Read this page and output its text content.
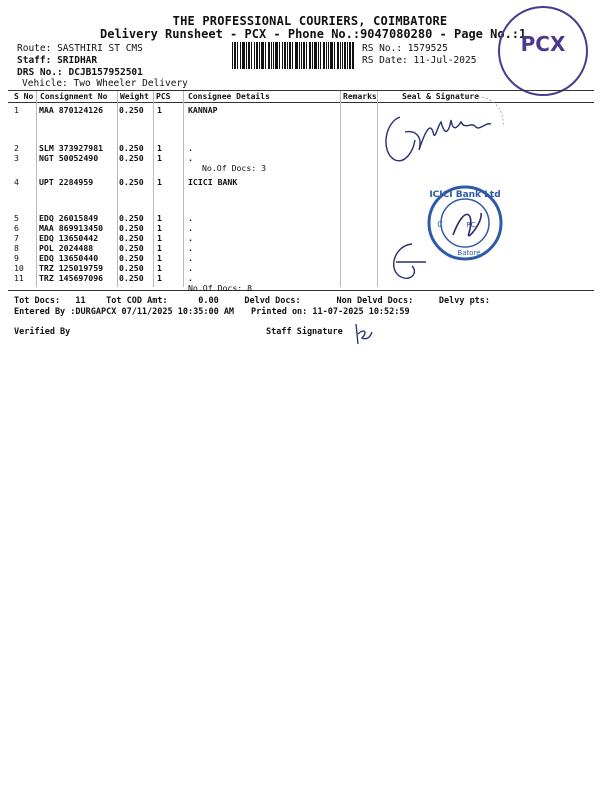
THE PROFESSIONAL COURIERS, COIMBATORE
Delivery Runsheet - PCX - Phone No.:9047080280 - Page No.:1
Route: SASTHIRI ST CMS
Staff: SRIDHAR
DRS No.: DCJB157952501
Vehicle: Two Wheeler Delivery
RS No.: 1579525
RS Date: 11-Jul-2025
PCX
S No Consignment No Weight PCS Consignee Details	Remarks	Seal & Signature
1 MAA 870124126 0.250 1	KANNAP
2 SLM 373927981 0.250 1	.
3 NGT 50052490	0.250 1	.
No.Of Docs: 3
4 UPT 2284959	0.250 1	ICICI BANK
5 EDQ 26015849	0.250 1	.
6 MAA 869913450 0.250 1	.
7 EDQ 13650442	0.250 1	.
8 POL 2024488	0.250 1	.
9 EDQ 13650440	0.250 1	.
10 TRZ 125019759 0.250 1	.
11 TRZ 145697096 0.250 1	.
No.Of Docs: 8
ICICI Bank Ltd
C	RC
Batore
Tot Docs: 11 Tot COD Amt:	0.00	Delvd Docs:	Non Delvd Docs:	Delvy pts:
Entered By :DURGAPCX 07/11/2025 10:35:00 AM Printed on: 11-07-2025 10:52:59
Verified By	Staff Signature
